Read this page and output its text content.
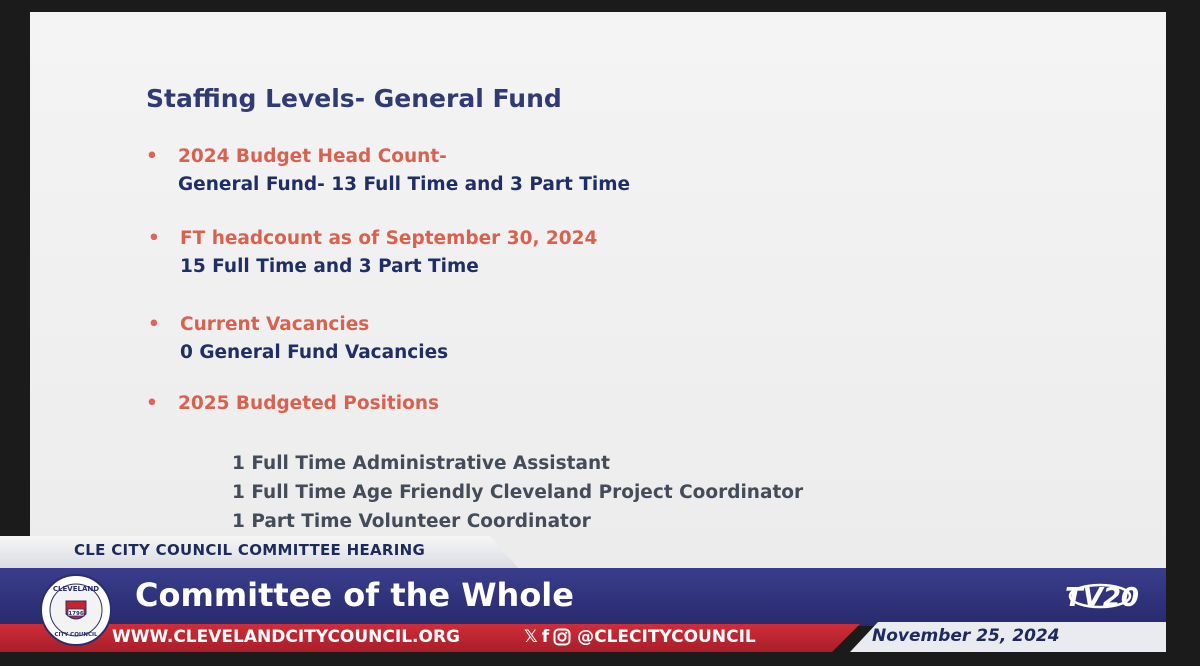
Staffing Levels- General Fund
• 2024 Budget Head Count-
General Fund- 13 Full Time and 3 Part Time
• FT headcount as of September 30, 2024
15 Full Time and 3 Part Time
• Current Vacancies
0 General Fund Vacancies
• 2025 Budgeted Positions
1 Full Time Administrative Assistant
1 Full Time Age Friendly Cleveland Project Coordinator
1 Part Time Volunteer Coordinator
CLE CITY COUNCIL COMMITTEE HEARING
Committee of the Whole
WWW.CLEVELANDCITYCOUNCIL.ORG	𝕏 f @CLECITYCOUNCIL	November 25, 2024
CLEVELAND
1796
CITY COUNCIL
TV20
